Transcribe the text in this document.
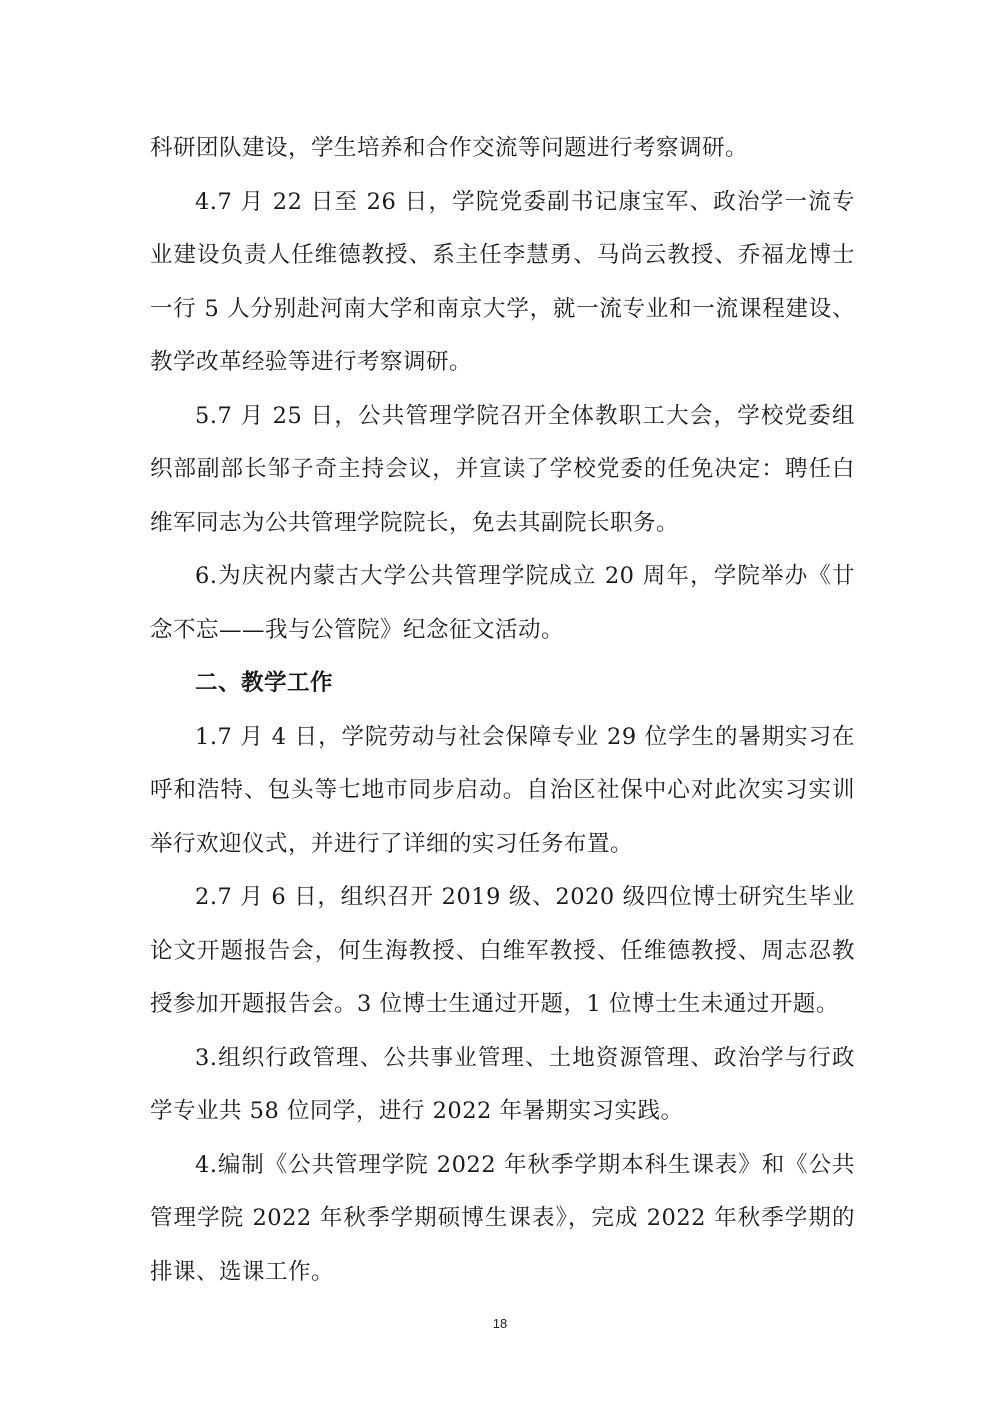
科研团队建设，学生培养和合作交流等问题进行考察调研。

4.7 月 22 日至 26 日，学院党委副书记康宝军、政治学一流专业建设负责人任维德教授、系主任李慧勇、马尚云教授、乔福龙博士一行 5 人分别赴河南大学和南京大学，就一流专业和一流课程建设、教学改革经验等进行考察调研。

5.7 月 25 日，公共管理学院召开全体教职工大会，学校党委组织部副部长邹子奇主持会议，并宣读了学校党委的任免决定：聘任白维军同志为公共管理学院院长，免去其副院长职务。

6.为庆祝内蒙古大学公共管理学院成立 20 周年，学院举办《廿念不忘——我与公管院》纪念征文活动。

二、教学工作

1.7 月 4 日，学院劳动与社会保障专业 29 位学生的暑期实习在呼和浩特、包头等七地市同步启动。自治区社保中心对此次实习实训举行欢迎仪式，并进行了详细的实习任务布置。

2.7 月 6 日，组织召开 2019 级、2020 级四位博士研究生毕业论文开题报告会，何生海教授、白维军教授、任维德教授、周志忍教授参加开题报告会。3 位博士生通过开题，1 位博士生未通过开题。

3.组织行政管理、公共事业管理、土地资源管理、政治学与行政学专业共 58 位同学，进行 2022 年暑期实习实践。

4.编制《公共管理学院 2022 年秋季学期本科生课表》和《公共管理学院 2022 年秋季学期硕博生课表》，完成 2022 年秋季学期的排课、选课工作。

18
